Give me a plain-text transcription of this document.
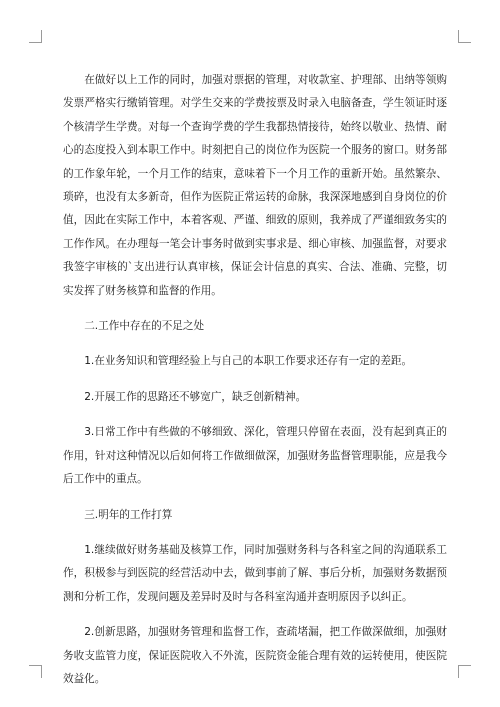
在做好以上工作的同时，加强对票据的管理，对收款室、护理部、出纳等领购发票严格实行缴销管理。对学生交来的学费按票及时录入电脑备查，学生领证时逐个核清学生学费。对每一个查询学费的学生我都热情接待，始终以敬业、热情、耐心的态度投入到本职工作中。时刻把自己的岗位作为医院一个服务的窗口。财务部的工作象年轮，一个月工作的结束，意味着下一个月工作的重新开始。虽然繁杂、琐碎，也没有太多新奇，但作为医院正常运转的命脉，我深深地感到自身岗位的价值，因此在实际工作中，本着客观、严谨、细致的原则，我养成了严谨细致务实的工作作风。在办理每一笔会计事务时做到实事求是、细心审核、加强监督，对要求我签字审核的`支出进行认真审核，保证会计信息的真实、合法、准确、完整，切实发挥了财务核算和监督的作用。

二.工作中存在的不足之处

1.在业务知识和管理经验上与自己的本职工作要求还存有一定的差距。

2.开展工作的思路还不够宽广，缺乏创新精神。

3.日常工作中有些做的不够细致、深化，管理只停留在表面，没有起到真正的作用，针对这种情况以后如何将工作做细做深，加强财务监督管理职能，应是我今后工作中的重点。

三.明年的工作打算

1.继续做好财务基础及核算工作，同时加强财务科与各科室之间的沟通联系工作，积极参与到医院的经营活动中去，做到事前了解、事后分析，加强财务数据预测和分析工作，发现问题及差异时及时与各科室沟通并查明原因予以纠正。

2.创新思路，加强财务管理和监督工作，查疏堵漏，把工作做深做细，加强财务收支监管力度，保证医院收入不外流，医院资金能合理有效的运转使用，使医院效益化。
